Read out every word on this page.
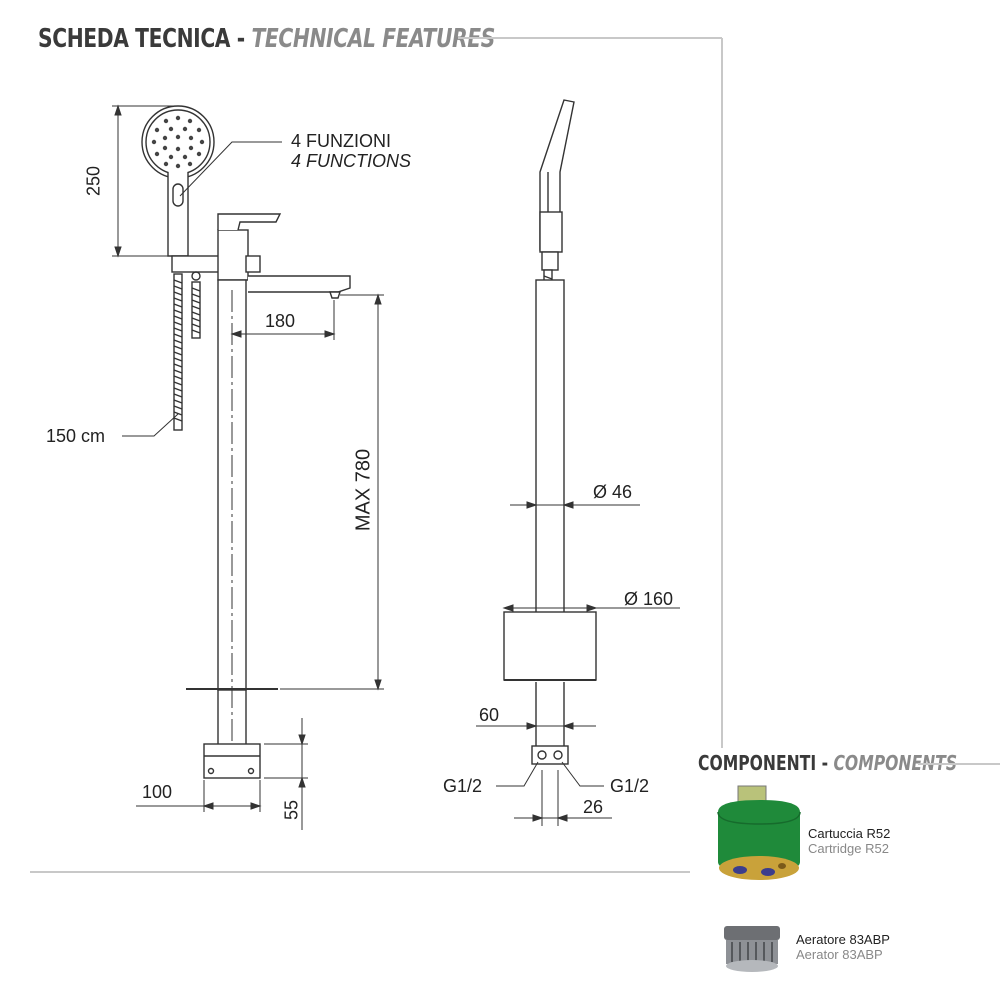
SCHEDA TECNICA - TECHNICAL FEATURES
COMPONENTI - COMPONENTS
4 FUNZIONI
4 FUNCTIONS
250
180
150 cm
MAX 780
100
55
Ø 46
Ø 160
60
G1/2	G1/2
26
Cartuccia R52
Cartridge R52
Aeratore 83ABP
Aerator 83ABP
